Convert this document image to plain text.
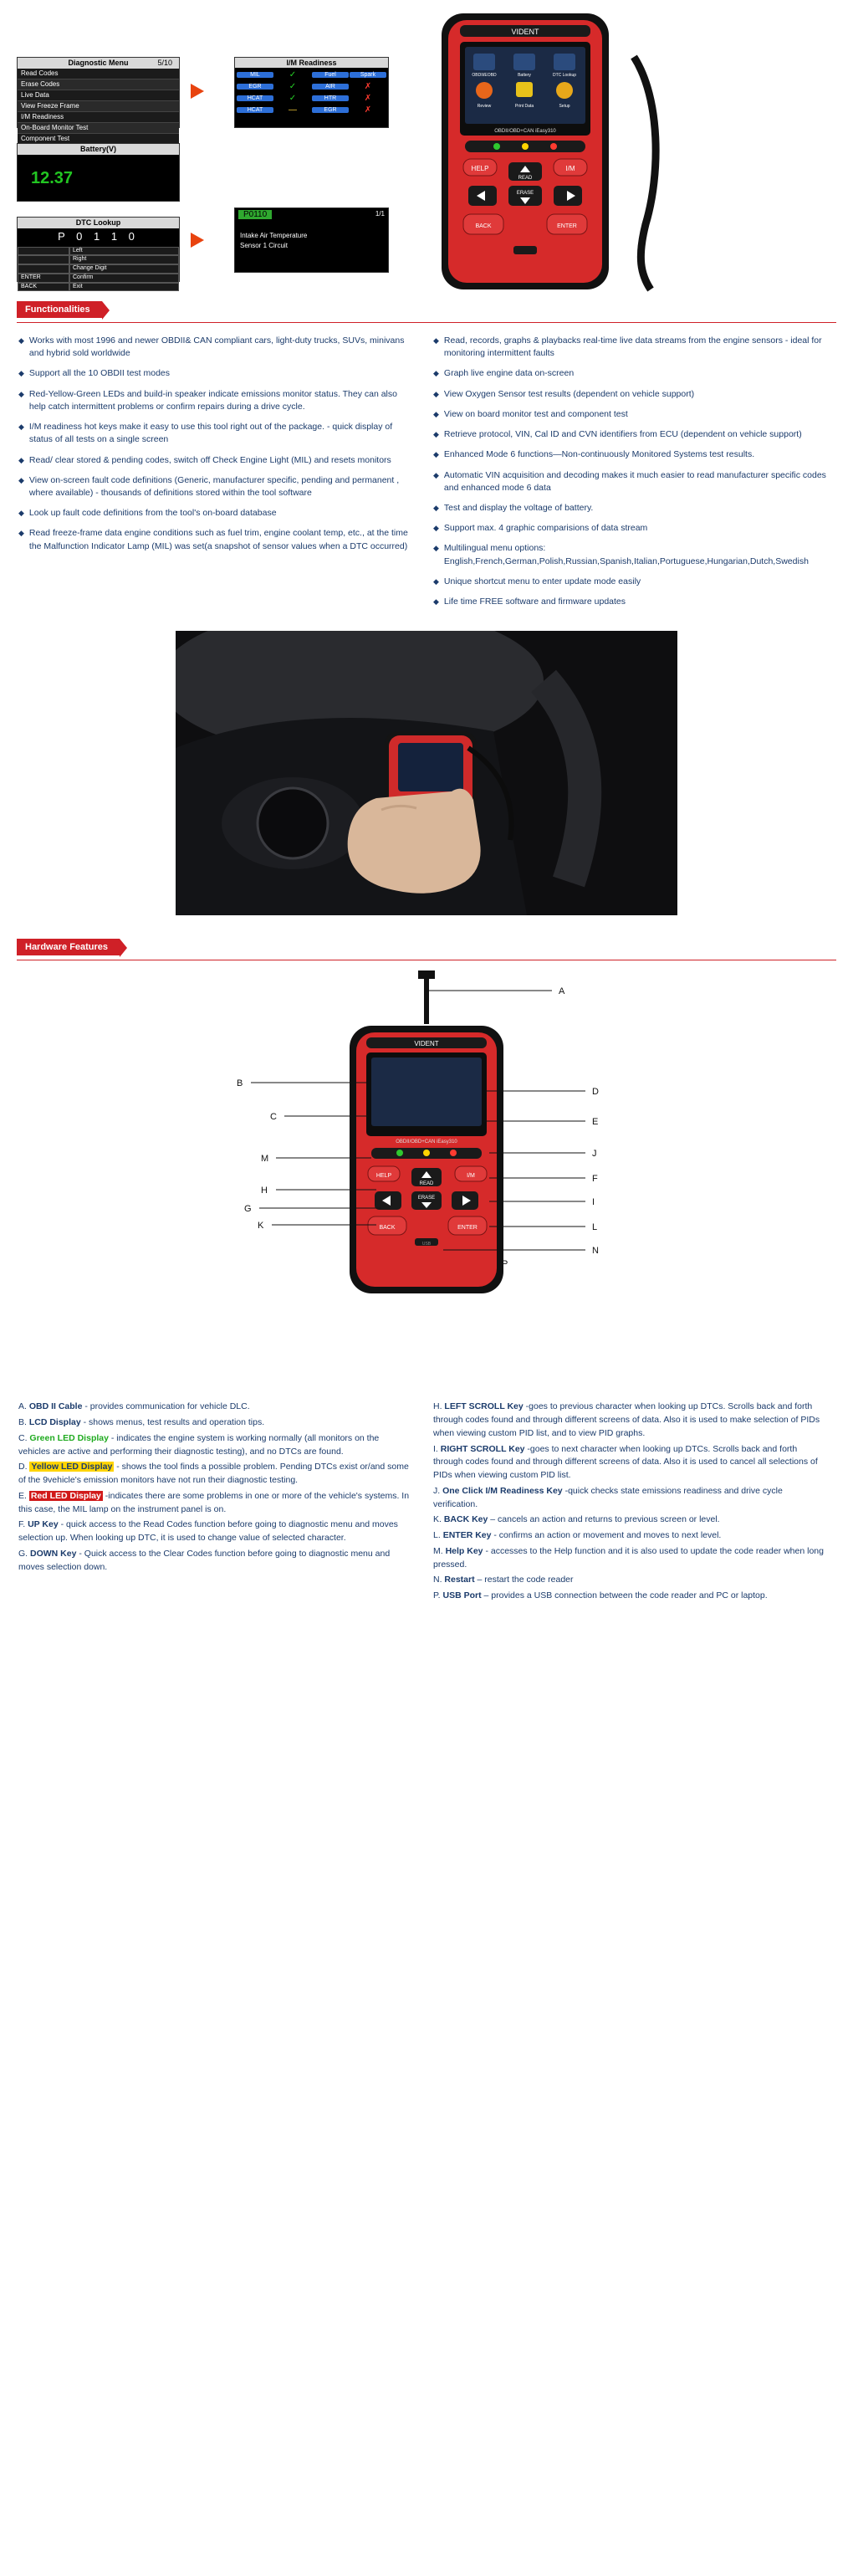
Diagnostic Menu	5/10
Read Codes
Erase Codes
Live Data
View Freeze Frame
I/M Readiness
On-Board Monitor Test
Component Test
Battery(V)
12.37
DTC Lookup
P 0 1 1 0

Left

Right

Change Digit
ENTER	Confirm
BACK	Exit
I/M Readiness
MIL	✓	Fuel	Spark
EGR	✓	AIR	✗
HCAT	✓	HTR	✗
HCAT	—	EGR	✗
P0110	1/1
Intake Air Temperature
Sensor 1 Circuit
VIDENT
OBDII/EOBD	Battery	DTC Lookup
Review	Print Data	Setup
OBDII/OBD+CAN iEasy310
HELP	I/M
READ
ERASE
BACK	ENTER
Functionalities
◆ Works with most 1996 and newer OBDII& CAN compliant cars, light-duty trucks, SUVs, minivans and hybrid sold worldwide
◆ Support all the 10 OBDII test modes
◆ Red-Yellow-Green LEDs and build-in speaker indicate emissions monitor status. They can also help catch intermittent problems or confirm repairs during a drive cycle.
◆ I/M readiness hot keys make it easy to use this tool right out of the package. - quick display of status of all tests on a single screen
◆ Read/ clear stored & pending codes, switch off Check Engine Light (MIL) and resets monitors
◆ View on-screen fault code definitions (Generic, manufacturer specific, pending and permanent , where available) - thousands of definitions stored within the tool software
◆ Look up fault code definitions from the tool's on-board database
◆ Read freeze-frame data engine conditions such as fuel trim, engine coolant temp, etc., at the time the Malfunction Indicator Lamp (MIL) was set(a snapshot of sensor values when a DTC occurred)
◆ Read, records, graphs & playbacks real-time live data streams from the engine sensors - ideal for monitoring intermittent faults
◆ Graph live engine data on-screen
◆ View Oxygen Sensor test results (dependent on vehicle support)
◆ View on board monitor test and component test
◆ Retrieve protocol, VIN, Cal ID and CVN identifiers from ECU (dependent on vehicle support)
◆ Enhanced Mode 6 functions—Non-continuously Monitored Systems test results.
◆ Automatic VIN acquisition and decoding makes it much easier to read manufacturer specific codes and enhanced mode 6 data
◆ Test and display the voltage of battery.
◆ Support max. 4 graphic comparisions of data stream
◆ Multilingual menu options: English,French,German,Polish,Russian,Spanish,Italian,Portuguese,Hungarian,Dutch,Swedish
◆ Unique shortcut menu to enter update mode easily
◆ Life time FREE software and firmware updates
Hardware Features
VIDENT
OBDII/OBD+CAN iEasy310
HELP	I/M
READ
ERASE
BACK	ENTER
USB
A
B
C
D
E
M
H
G
K
J
F
I
L
N
P
A. OBD II Cable - provides communication for vehicle DLC.
B. LCD Display - shows menus, test results and operation tips.
C. Green LED Display - indicates the engine system is working normally (all monitors on the vehicles are active and performing their diagnostic testing), and no DTCs are found.
D. Yellow LED Display - shows the tool finds a possible problem. Pending DTCs exist or/and some of the 9vehicle's emission monitors have not run their diagnostic testing.
E. Red LED Display -indicates there are some problems in one or more of the vehicle's systems. In this case, the MIL lamp on the instrument panel is on.
F. UP Key - quick access to the Read Codes function before going to diagnostic menu and moves selection up. When looking up DTC, it is used to change value of selected character.
G. DOWN Key - Quick access to the Clear Codes function before going to diagnostic menu and moves selection down.
H. LEFT SCROLL Key -goes to previous character when looking up DTCs. Scrolls back and forth through codes found and through different screens of data. Also it is used to make selection of PIDs when viewing custom PID list, and to view PID graphs.
I. RIGHT SCROLL Key -goes to next character when looking up DTCs. Scrolls back and forth through codes found and through different screens of data. Also it is used to cancel all selections of PIDs when viewing custom PID list.
J. One Click I/M Readiness Key -quick checks state emissions readiness and drive cycle verification.
K. BACK Key – cancels an action and returns to previous screen or level.
L. ENTER Key - confirms an action or movement and moves to next level.
M. Help Key - accesses to the Help function and it is also used to update the code reader when long pressed.
N. Restart – restart the code reader
P. USB Port – provides a USB connection between the code reader and PC or laptop.
